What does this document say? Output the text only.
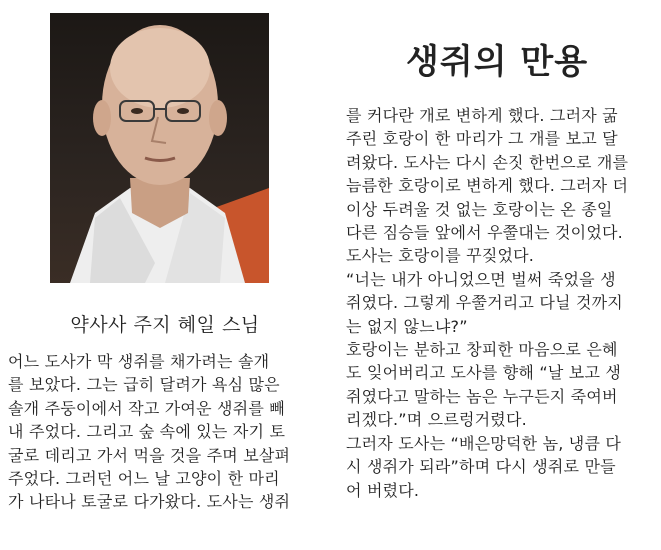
생쥐의 만용
약사사 주지 혜일 스님

어느 도사가 막 생쥐를 채가려는 솔개

를 보았다. 그는 급히 달려가 욕심 많은

솔개 주둥이에서 작고 가여운 생쥐를 빼

내 주었다. 그리고 숲 속에 있는 자기 토

굴로 데리고 가서 먹을 것을 주며 보살펴

주었다. 그러던 어느 날 고양이 한 마리

가 나타나 토굴로 다가왔다. 도사는 생쥐

를 커다란 개로 변하게 했다. 그러자 굶

주린 호랑이 한 마리가 그 개를 보고 달

려왔다. 도사는 다시 손짓 한번으로 개를

늠름한 호랑이로 변하게 했다. 그러자 더

이상 두려울 것 없는 호랑이는 온 종일

다른 짐승들 앞에서 우쭐대는 것이었다.

도사는 호랑이를 꾸짖었다.

“너는 내가 아니었으면 벌써 죽었을 생

쥐였다. 그렇게 우쭐거리고 다닐 것까지

는 없지 않느냐?”

호랑이는 분하고 창피한 마음으로 은혜

도 잊어버리고 도사를 향해 “날 보고 생

쥐였다고 말하는 놈은 누구든지 죽여버

리겠다.”며 으르렁거렸다.

그러자 도사는 “배은망덕한 놈, 냉큼 다

시 생쥐가 되라”하며 다시 생쥐로 만들

어 버렸다.
